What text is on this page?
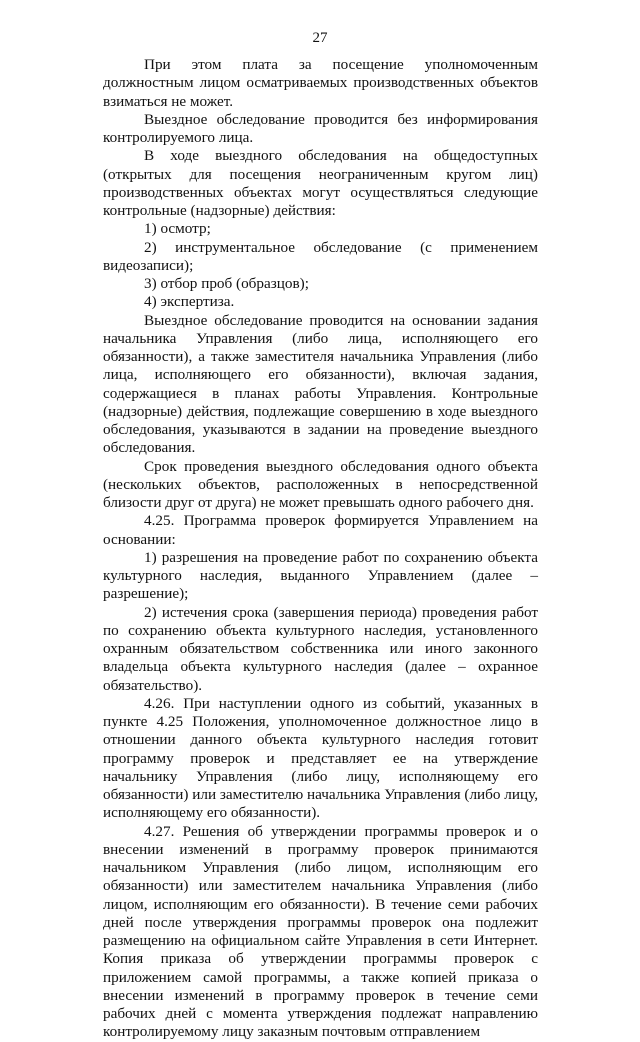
27

При этом плата за посещение уполномоченным должностным лицом осматриваемых производственных объектов взиматься не может.

Выездное обследование проводится без информирования контролируемого лица.

В ходе выездного обследования на общедоступных (открытых для посещения неограниченным кругом лиц) производственных объектах могут осуществляться следующие контрольные (надзорные) действия:

1) осмотр;

2) инструментальное обследование (с применением видеозаписи);

3) отбор проб (образцов);

4) экспертиза.

Выездное обследование проводится на основании задания начальника Управления (либо лица, исполняющего его обязанности), а также заместителя начальника Управления (либо лица, исполняющего его обязанности), включая задания, содержащиеся в планах работы Управления. Контрольные (надзорные) действия, подлежащие совершению в ходе выездного обследования, указываются в задании на проведение выездного обследования.

Срок проведения выездного обследования одного объекта (нескольких объектов, расположенных в непосредственной близости друг от друга) не может превышать одного рабочего дня.

4.25. Программа проверок формируется Управлением на основании:

1) разрешения на проведение работ по сохранению объекта культурного наследия, выданного Управлением (далее – разрешение);

2) истечения срока (завершения периода) проведения работ по сохранению объекта культурного наследия, установленного охранным обязательством собственника или иного законного владельца объекта культурного наследия (далее – охранное обязательство).

4.26. При наступлении одного из событий, указанных в пункте 4.25 Положения, уполномоченное должностное лицо в отношении данного объекта культурного наследия готовит программу проверок и представляет ее на утверждение начальнику Управления (либо лицу, исполняющему его обязанности) или заместителю начальника Управления (либо лицу, исполняющему его обязанности).

4.27. Решения об утверждении программы проверок и о внесении изменений в программу проверок принимаются начальником Управления (либо лицом, исполняющим его обязанности) или заместителем начальника Управления (либо лицом, исполняющим его обязанности). В течение семи рабочих дней после утверждения программы проверок она подлежит размещению на официальном сайте Управления в сети Интернет. Копия приказа об утверждении программы проверок с приложением самой программы, а также копией приказа о внесении изменений в программу проверок в течение семи рабочих дней с момента утверждения подлежат направлению контролируемому лицу заказным почтовым отправлением
